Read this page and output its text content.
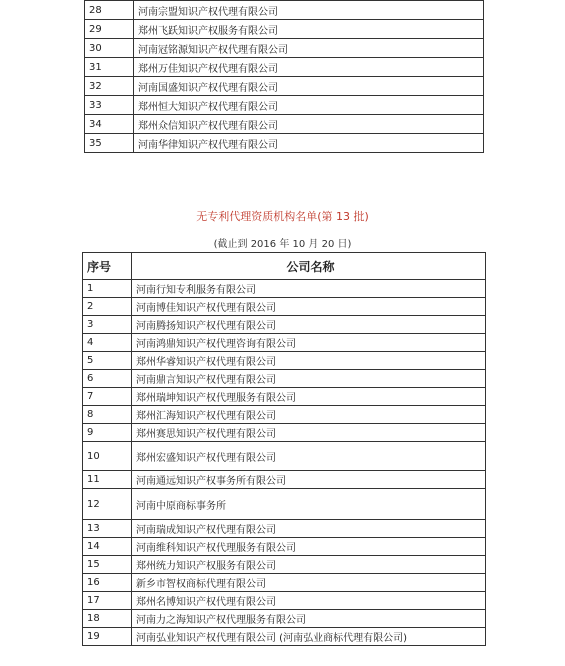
28	河南宗盟知识产权代理有限公司
29	郑州飞跃知识产权服务有限公司
30	河南冠铭源知识产权代理有限公司
31	郑州万佳知识产权代理有限公司
32	河南国盛知识产权代理有限公司
33	郑州恒大知识产权代理有限公司
34	郑州众信知识产权代理有限公司
35	河南华律知识产权代理有限公司
无专利代理资质机构名单(第 13 批)
(截止到 2016 年 10 月 20 日)
序号	公司名称
1	河南行知专利服务有限公司
2	河南博佳知识产权代理有限公司
3	河南腾扬知识产权代理有限公司
4	河南鸿鼎知识产权代理咨询有限公司
5	郑州华睿知识产权代理有限公司
6	河南鼎言知识产权代理有限公司
7	郑州瑞坤知识产权代理服务有限公司
8	郑州汇海知识产权代理有限公司
9	郑州赛思知识产权代理有限公司
10	郑州宏盛知识产权代理有限公司
11	河南通远知识产权事务所有限公司
12	河南中原商标事务所
13	河南瑞成知识产权代理有限公司
14	河南维科知识产权代理服务有限公司
15	郑州统力知识产权服务有限公司
16	新乡市智权商标代理有限公司
17	郑州名博知识产权代理有限公司
18	河南力之海知识产权代理服务有限公司
19	河南弘业知识产权代理有限公司 (河南弘业商标代理有限公司)
